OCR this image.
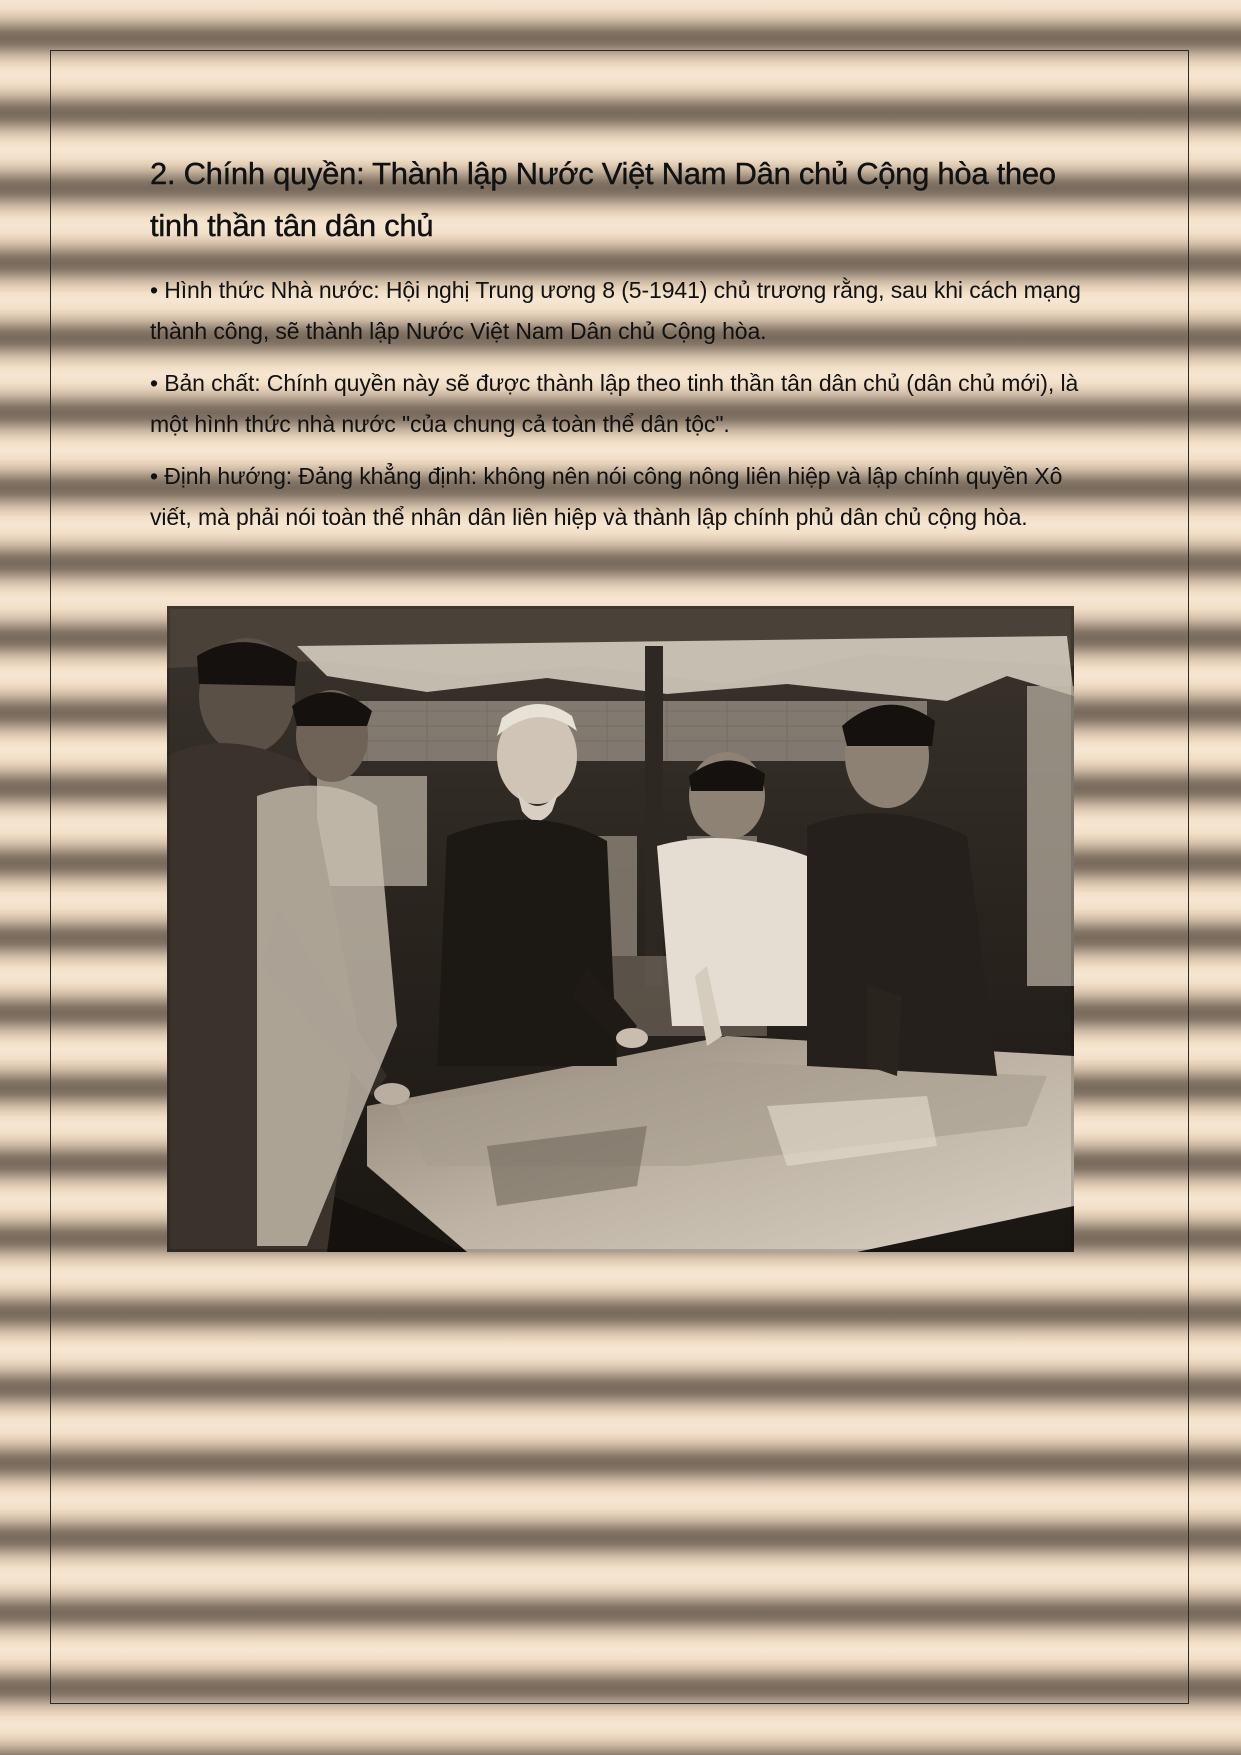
2. Chính quyền: Thành lập Nước Việt Nam Dân chủ Cộng hòa theo tinh thần tân dân chủ

• Hình thức Nhà nước: Hội nghị Trung ương 8 (5-1941) chủ trương rằng, sau khi cách mạng thành công, sẽ thành lập Nước Việt Nam Dân chủ Cộng hòa.

• Bản chất: Chính quyền này sẽ được thành lập theo tinh thần tân dân chủ (dân chủ mới), là một hình thức nhà nước "của chung cả toàn thể dân tộc".

• Định hướng: Đảng khẳng định: không nên nói công nông liên hiệp và lập chính quyền Xô viết, mà phải nói toàn thể nhân dân liên hiệp và thành lập chính phủ dân chủ cộng hòa.
